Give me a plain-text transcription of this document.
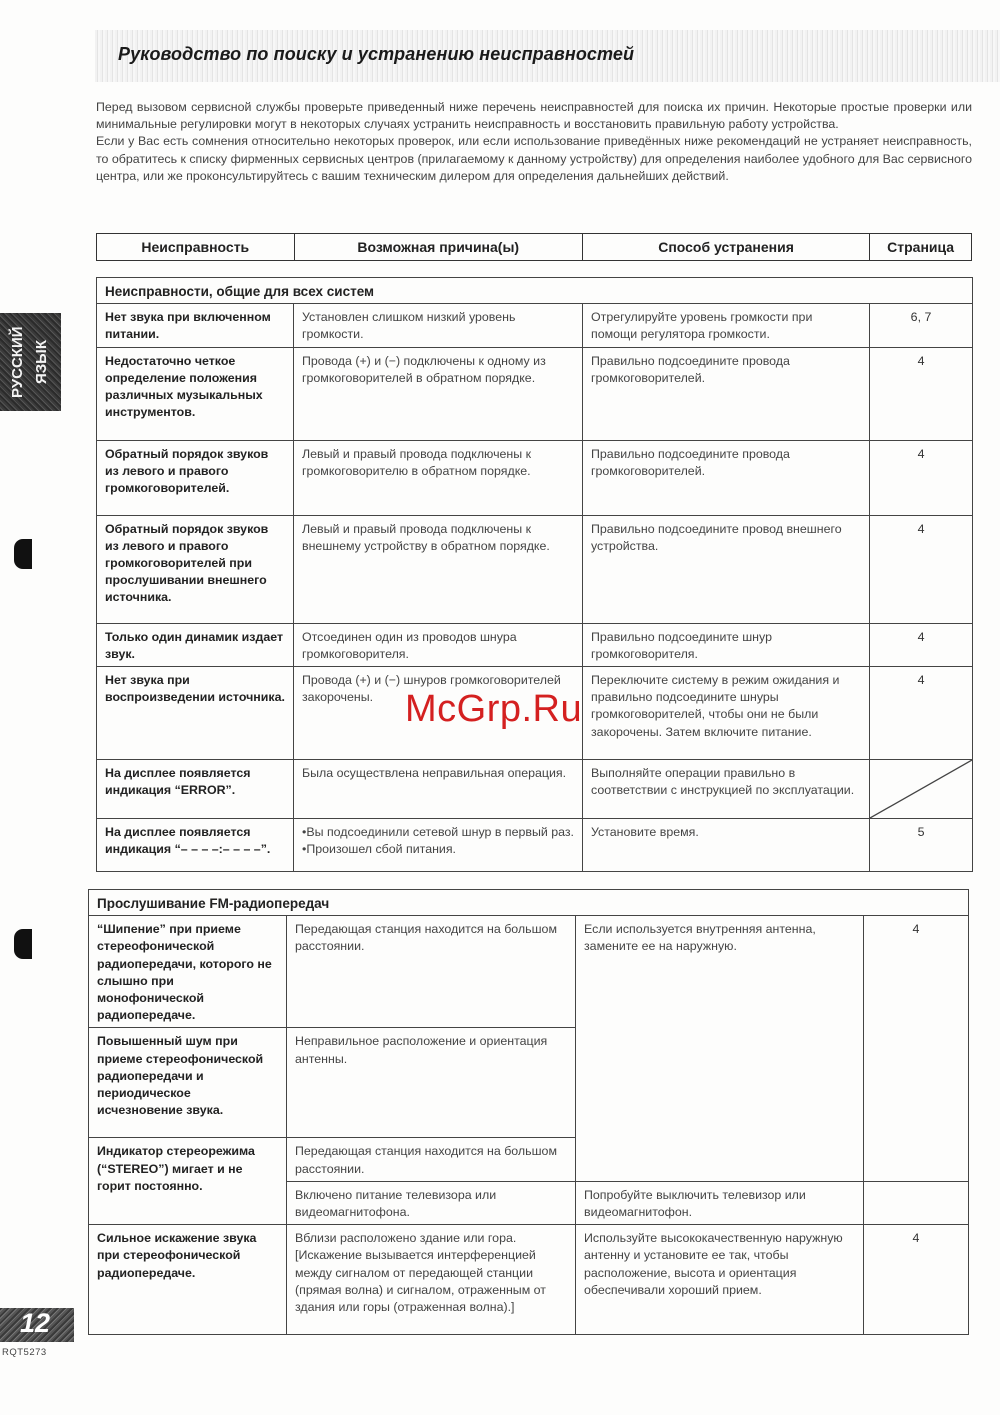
Руководство по поиску и устранению неисправностей

Перед вызовом сервисной службы проверьте приведенный ниже перечень неисправностей для поиска их причин. Некоторые простые проверки или минимальные регулировки могут в некоторых случаях устранить неисправность и восстановить правильную работу устройства.

Если у Вас есть сомнения относительно некоторых проверок, или если использование приведённых ниже рекомендаций не устраняет неисправность, то обратитесь к списку фирменных сервисных центров (прилагаемому к данному устройству) для определения наиболее удобного для Вас сервисного центра, или же проконсультируйтесь с вашим техническим дилером для определения дальнейших действий.

Неисправность	Возможная причина(ы)	Способ устранения	Страница
Неисправности, общие для всех систем			
Нет звука при включенном питании.	Установлен слишком низкий уровень громкости.	Отрегулируйте уровень громкости при помощи регулятора громкости.	6, 7
Недостаточно четкое определение положения различных музыкальных инструментов.	Провода (+) и (−) подключены к одному из громкоговорителей в обратном порядке.	Правильно подсоедините провода громкоговорителей.	4
Обратный порядок звуков из левого и правого громкоговорителей.	Левый и правый провода подключены к громкоговорителю в обратном порядке.	Правильно подсоедините провода громкоговорителей.	4
Обратный порядок звуков из левого и правого громкоговорителей при прослушивании внешнего источника.	Левый и правый провода подключены к внешнему устройству в обратном порядке.	Правильно подсоедините провод внешнего устройства.	4
Только один динамик издает звук.	Отсоединен один из проводов шнура громкоговорителя.	Правильно подсоедините шнур громкоговорителя.	4
Нет звука при воспроизведении источника.	Провода (+) и (−) шнуров громкоговорителей закорочены.	Переключите систему в режим ожидания и правильно подсоедините шнуры громкоговорителей, чтобы они не были закорочены. Затем включите питание.	4
На дисплее появляется индикация “ERROR”.	Была осуществлена неправильная операция.	Выполняйте операции правильно в соответствии с инструкцией по эксплуатации.	

На дисплее появляется индикация “– – – –:– – – –”.	•Вы подсоединили сетевой шнур в первый раз.
•Произошел сбой питания.	Установите время.	5
Прослушивание FM-радиопередач			
“Шипение” при приеме стереофонической радиопередачи, которого не слышно при монофонической радиопередаче.	Передающая станция находится на большом расстоянии.	Если используется внутренняя антенна, замените ее на наружную.	4
Повышенный шум при приеме стереофонической радиопередачи и периодическое исчезновение звука.	Неправильное расположение и ориентация антенны.		
Индикатор стереорежима (“STEREO”) мигает и не горит постоянно.	Передающая станция находится на большом расстоянии.		
	Включено питание телевизора или видеомагнитофона.	Попробуйте выключить телевизор или видеомагнитофон.	
Сильное искажение звука при стереофонической радиопередаче.	Вблизи расположено здание или гора. [Искажение вызывается интерференцией между сигналом от передающей станции (прямая волна) и сигналом, отраженным от здания или горы (отраженная волна).]	Используйте высококачественную наружную антенну и установите ее так, чтобы расположение, высота и ориентация обеспечивали хороший прием.	4
РУССКИЙ ЯЗЫК
12
RQT5273
McGrp.Ru
